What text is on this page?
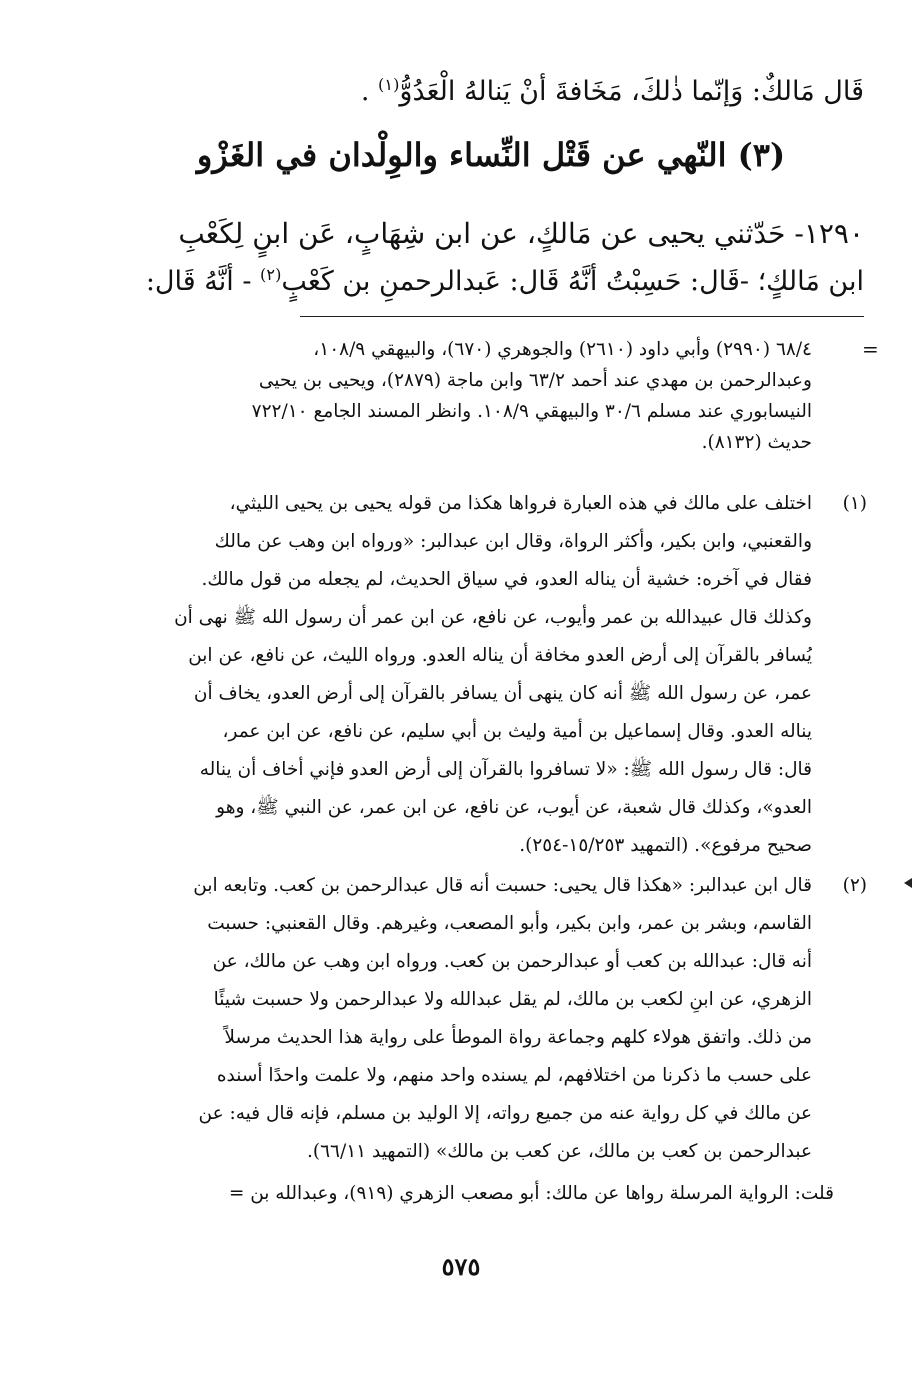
قَال مَالكٌ: وَإنّما ذٰلكَ، مَخَافةَ أنْ يَنالهُ الْعَدُوُّ$^{(١)}$ .

(٣) النّهي عن قَتْل النِّساء والوِلْدان في الغَزْو

١٢٩٠- حَدّثني يحيى عن مَالكٍ، عن ابن شِهَابٍ، عَن ابنٍ لِكَعْبِ

ابن مَالكٍ؛ -قَال: حَسِبْتُ أنَّهُ قَال: عَبدالرحمنِ بن كَعْبٍ$^{(٢)}$ - أنَّهُ قَال:

=
٦٨/٤ (٢٩٩٠) وأبي داود (٢٦١٠) والجوهري (٦٧٠)، والبيهقي ١٠٨/٩،
وعبدالرحمن بن مهدي عند أحمد ٦٣/٢ وابن ماجة (٢٨٧٩)، ويحيى بن يحيى
النيسابوري عند مسلم ٣٠/٦ والبيهقي ١٠٨/٩. وانظر المسند الجامع ٧٢٢/١٠
حديث (٨١٣٢).
(١)
اختلف على مالك في هذه العبارة فرواها هكذا من قوله يحيى بن يحيى الليثي،
والقعنبي، وابن بكير، وأكثر الرواة، وقال ابن عبدالبر: «ورواه ابن وهب عن مالك
فقال في آخره: خشية أن يناله العدو، في سياق الحديث، لم يجعله من قول مالك.
وكذلك قال عبيدالله بن عمر وأيوب، عن نافع، عن ابن عمر أن رسول الله ﷺ نهى أن
يُسافر بالقرآن إلى أرض العدو مخافة أن يناله العدو. ورواه الليث، عن نافع، عن ابن
عمر، عن رسول الله ﷺ أنه كان ينهى أن يسافر بالقرآن إلى أرض العدو، يخاف أن
يناله العدو. وقال إسماعيل بن أمية وليث بن أبي سليم، عن نافع، عن ابن عمر،
قال: قال رسول الله ﷺ: «لا تسافروا بالقرآن إلى أرض العدو فإني أخاف أن يناله
العدو»، وكذلك قال شعبة، عن أيوب، عن نافع، عن ابن عمر، عن النبي ﷺ، وهو
صحيح مرفوع». (التمهيد ١٥/٢٥٣-٢٥٤).
(٢)
قال ابن عبدالبر: «هكذا قال يحيى: حسبت أنه قال عبدالرحمن بن كعب. وتابعه ابن
القاسم، وبشر بن عمر، وابن بكير، وأبو المصعب، وغيرهم. وقال القعنبي: حسبت
أنه قال: عبدالله بن كعب أو عبدالرحمن بن كعب. ورواه ابن وهب عن مالك، عن
الزهري، عن ابنٍ لكعب بن مالك، لم يقل عبدالله ولا عبدالرحمن ولا حسبت شيئًا
من ذلك. واتفق هولاء كلهم وجماعة رواة الموطأ على رواية هذا الحديث مرسلاً
على حسب ما ذكرنا من اختلافهم، لم يسنده واحد منهم، ولا علمت واحدًا أسنده
عن مالك في كل رواية عنه من جميع رواته، إلا الوليد بن مسلم، فإنه قال فيه: عن
عبدالرحمن بن كعب بن مالك، عن كعب بن مالك» (التمهيد ٦٦/١١).
قلت: الرواية المرسلة رواها عن مالك: أبو مصعب الزهري (٩١٩)، وعبدالله بن =
٥٧٥
